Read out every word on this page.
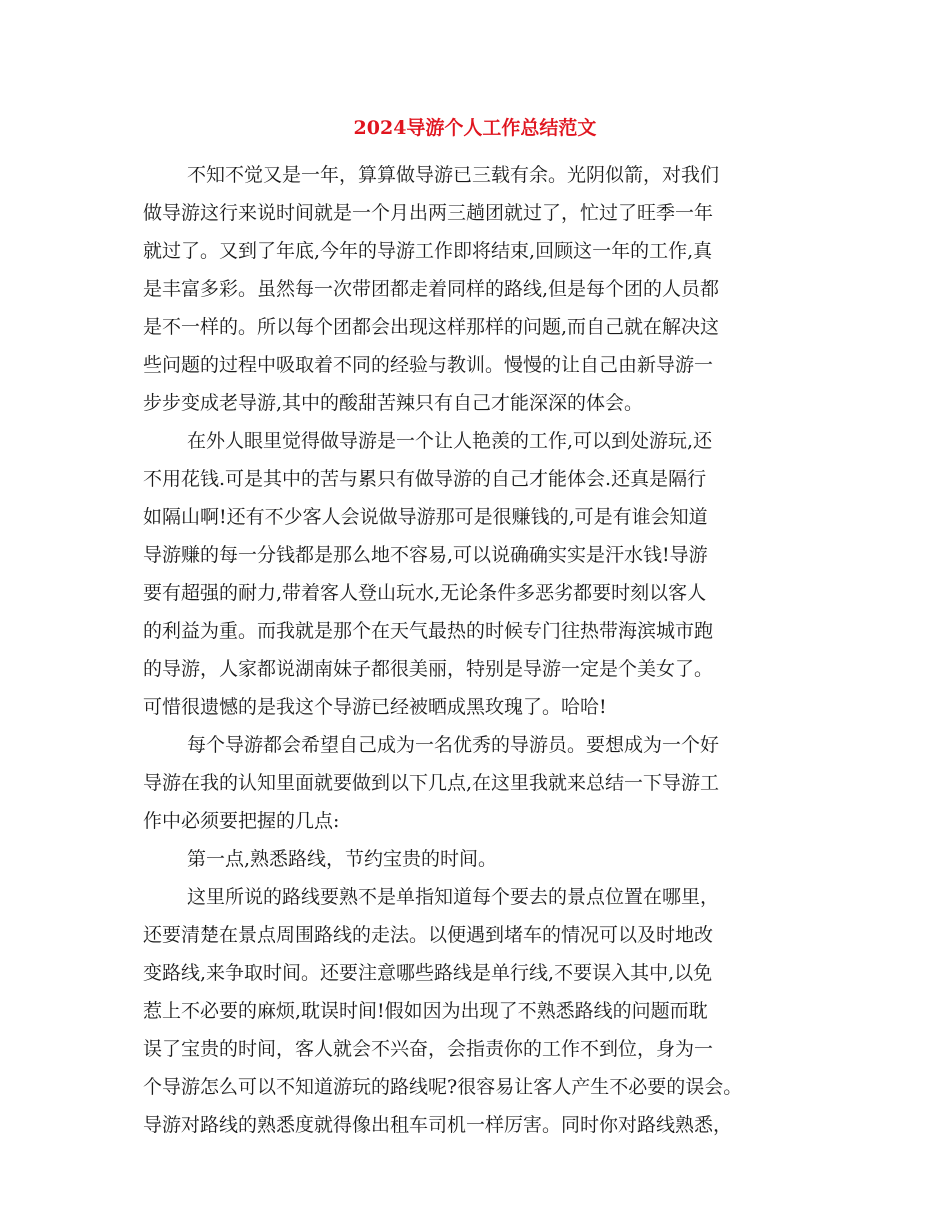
2024导游个人工作总结范文
不知不觉又是一年，算算做导游已三载有余。光阴似箭，对我们
做导游这行来说时间就是一个月出两三趟团就过了，忙过了旺季一年
就过了。又到了年底,今年的导游工作即将结束,回顾这一年的工作,真
是丰富多彩。虽然每一次带团都走着同样的路线,但是每个团的人员都
是不一样的。所以每个团都会出现这样那样的问题,而自己就在解决这
些问题的过程中吸取着不同的经验与教训。慢慢的让自己由新导游一
步步变成老导游,其中的酸甜苦辣只有自己才能深深的体会。
在外人眼里觉得做导游是一个让人艳羡的工作,可以到处游玩,还
不用花钱.可是其中的苦与累只有做导游的自己才能体会.还真是隔行
如隔山啊!还有不少客人会说做导游那可是很赚钱的,可是有谁会知道
导游赚的每一分钱都是那么地不容易,可以说确确实实是汗水钱!导游
要有超强的耐力,带着客人登山玩水,无论条件多恶劣都要时刻以客人
的利益为重。而我就是那个在天气最热的时候专门往热带海滨城市跑
的导游，人家都说湖南妹子都很美丽，特别是导游一定是个美女了。
可惜很遗憾的是我这个导游已经被晒成黑玫瑰了。哈哈!
每个导游都会希望自己成为一名优秀的导游员。要想成为一个好
导游在我的认知里面就要做到以下几点,在这里我就来总结一下导游工
作中必须要把握的几点:
第一点,熟悉路线，节约宝贵的时间。
这里所说的路线要熟不是单指知道每个要去的景点位置在哪里，
还要清楚在景点周围路线的走法。以便遇到堵车的情况可以及时地改
变路线,来争取时间。还要注意哪些路线是单行线,不要误入其中,以免
惹上不必要的麻烦,耽误时间!假如因为出现了不熟悉路线的问题而耽
误了宝贵的时间，客人就会不兴奋，会指责你的工作不到位，身为一
个导游怎么可以不知道游玩的路线呢?很容易让客人产生不必要的误会。
导游对路线的熟悉度就得像出租车司机一样厉害。同时你对路线熟悉，
